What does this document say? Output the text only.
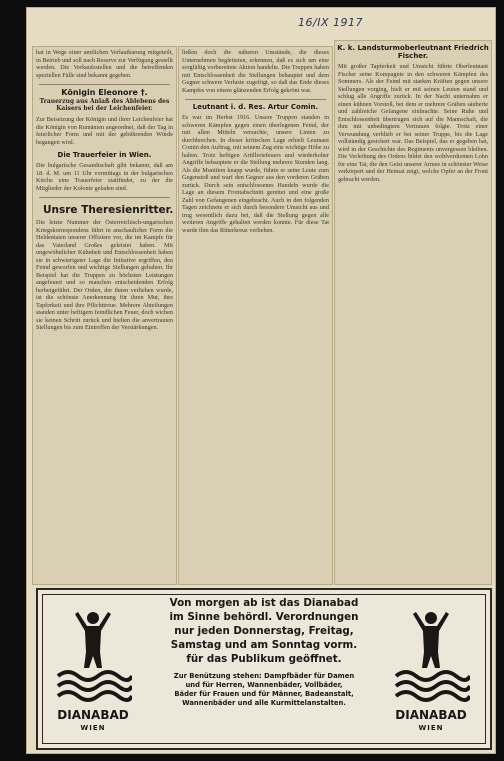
16/IX 1917

hat in Wege einer amtlichen Verlautbarung mitgeteilt, in Betrieb und soll nach Reserve zur Verfügung gestellt werden. Die Verkaufsstellen und die betreffenden speziellen Fälle sind bekannt gegeben.

Königin Eleonore †.
Trauerzug aus Anlaß des Ablebens des Kaisers bei der Leichenfeier.

Zur Beisetzung der Königin und ihrer Leichenfeier hat die Königin von Rumänien angeordnet, daß der Tag in feierlicher Form und mit der gebührenden Würde begangen wird.

Die Trauerfeier in Wien.

Die bulgarische Gesandtschaft gibt bekannt, daß am 18. d. M. um 11 Uhr vormittags in der bulgarischen Kirche eine Trauerfeier stattfindet, zu der die Mitglieder der Kolonie geladen sind.

Unsre Theresienritter.

Die letzte Nummer der Österreichisch-ungarischen Kriegskorrespondenz führt in anschaulicher Form die Heldentaten unserer Offiziere vor, die im Kampfe für das Vaterland Großes geleistet haben. Mit ungewöhnlicher Kühnheit und Entschlossenheit haben sie in schwierigster Lage die Initiative ergriffen, den Feind geworfen und wichtige Stellungen gehalten. Ihr Beispiel hat die Truppen zu höchsten Leistungen angefeuert und so manchen entscheidenden Erfolg herbeigeführt. Der Orden, der ihnen verliehen wurde, ist die schönste Anerkennung für ihren Mut, ihre Tapferkeit und ihre Pflichttreue. Mehrere Abteilungen standen unter heftigem feindlichen Feuer, doch wichen sie keinen Schritt zurück und hielten die anvertrauten Stellungen bis zum Eintreffen der Verstärkungen.

ließen doch die näheren Umstände, die dieses Unternehmen begleiteten, erkennen, daß es sich um eine sorgfältig vorbereitete Aktion handelte. Die Truppen haben mit Entschlossenheit die Stellungen behauptet und dem Gegner schwere Verluste zugefügt, so daß das Ende dieses Kampfes von einem glänzenden Erfolg gekrönt war.

Leutnant i. d. Res. Artur Comin.

Es war im Herbst 1916. Unsere Truppen standen in schweren Kämpfen gegen einen überlegenen Feind, der mit allen Mitteln versuchte, unsere Linien zu durchbrechen. In dieser kritischen Lage erhielt Leutnant Comin den Auftrag, mit seinem Zug eine wichtige Höhe zu halten. Trotz heftigen Artilleriefeuers und wiederholter Angriffe behauptete er die Stellung mehrere Stunden lang. Als die Munition knapp wurde, führte er seine Leute zum Gegenstoß und warf den Gegner aus den vorderen Gräben zurück. Durch sein entschlossenes Handeln wurde die Lage an diesem Frontabschnitt gerettet und eine große Zahl von Gefangenen eingebracht. Auch in den folgenden Tagen zeichnete er sich durch besondere Umsicht aus und trug wesentlich dazu bei, daß die Stellung gegen alle weiteren Angriffe gehalten werden konnte. Für diese Tat wurde ihm das Ritterkreuz verliehen.

K. k. Landsturmoberleutnant Friedrich Fischer.

Mit großer Tapferkeit und Umsicht führte Oberleutnant Fischer seine Kompagnie in den schweren Kämpfen des Sommers. Als der Feind mit starken Kräften gegen unsere Stellungen vorging, hielt er mit seinen Leuten stand und schlug alle Angriffe zurück. In der Nacht unternahm er einen kühnen Vorstoß, bei dem er mehrere Gräben säuberte und zahlreiche Gefangene einbrachte. Seine Ruhe und Entschlossenheit übertrugen sich auf die Mannschaft, die ihm mit unbedingtem Vertrauen folgte. Trotz einer Verwundung verblieb er bei seiner Truppe, bis die Lage vollständig gesichert war. Das Beispiel, das er gegeben hat, wird in der Geschichte des Regiments unvergessen bleiben. Die Verleihung des Ordens bildet den wohlverdienten Lohn für eine Tat, die den Geist unserer Armee in schönster Weise verkörpert und der Heimat zeigt, welche Opfer an der Front gebracht werden.

DIANABAD
WIEN

Von morgen ab ist das Dianabad

im Sinne behördl. Verordnungen

nur jeden Donnerstag, Freitag,

Samstag und am Sonntag vorm.

für das Publikum geöffnet.

Zur Benützung stehen: Dampfbäder für Damen

und für Herren, Wannenbäder, Vollbäder,

Bäder für Frauen und für Männer, Badeanstalt,

Wannenbäder und alle Kurmittelanstalten.

DIANABAD
WIEN
